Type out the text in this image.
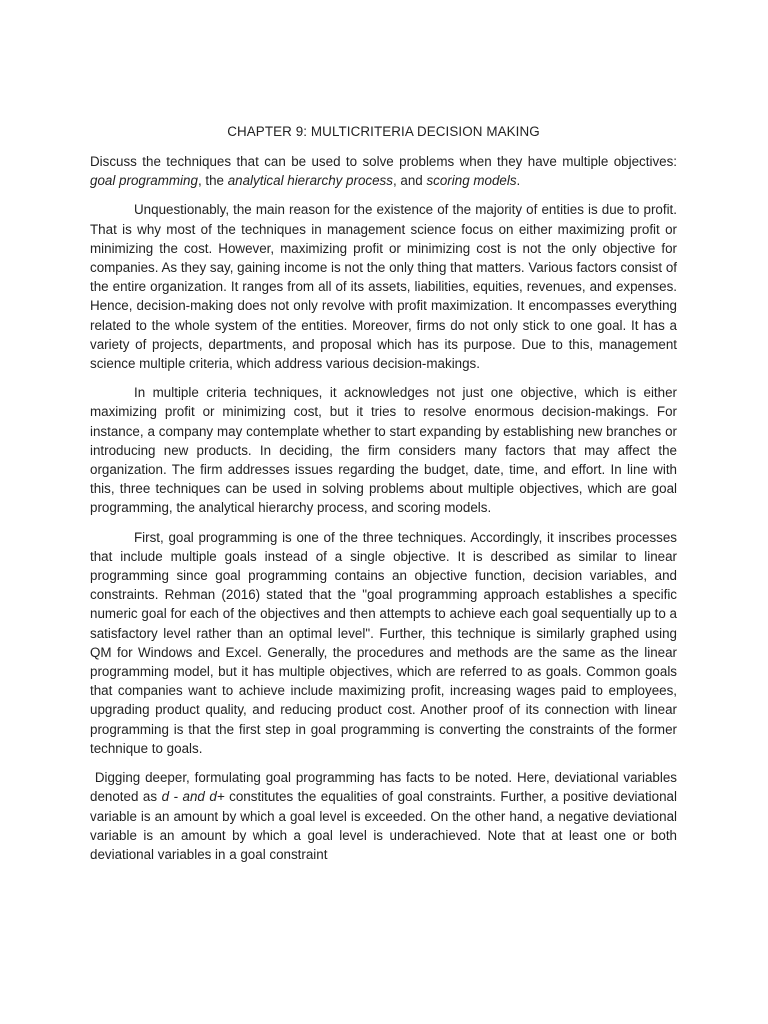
CHAPTER 9: MULTICRITERIA DECISION MAKING

Discuss the techniques that can be used to solve problems when they have multiple objectives: goal programming, the analytical hierarchy process, and scoring models.

Unquestionably, the main reason for the existence of the majority of entities is due to profit. That is why most of the techniques in management science focus on either maximizing profit or minimizing the cost. However, maximizing profit or minimizing cost is not the only objective for companies. As they say, gaining income is not the only thing that matters. Various factors consist of the entire organization. It ranges from all of its assets, liabilities, equities, revenues, and expenses. Hence, decision-making does not only revolve with profit maximization. It encompasses everything related to the whole system of the entities. Moreover, firms do not only stick to one goal. It has a variety of projects, departments, and proposal which has its purpose. Due to this, management science multiple criteria, which address various decision-makings.

In multiple criteria techniques, it acknowledges not just one objective, which is either maximizing profit or minimizing cost, but it tries to resolve enormous decision-makings. For instance, a company may contemplate whether to start expanding by establishing new branches or introducing new products. In deciding, the firm considers many factors that may affect the organization. The firm addresses issues regarding the budget, date, time, and effort. In line with this, three techniques can be used in solving problems about multiple objectives, which are goal programming, the analytical hierarchy process, and scoring models.

First, goal programming is one of the three techniques. Accordingly, it inscribes processes that include multiple goals instead of a single objective. It is described as similar to linear programming since goal programming contains an objective function, decision variables, and constraints. Rehman (2016) stated that the "goal programming approach establishes a specific numeric goal for each of the objectives and then attempts to achieve each goal sequentially up to a satisfactory level rather than an optimal level". Further, this technique is similarly graphed using QM for Windows and Excel. Generally, the procedures and methods are the same as the linear programming model, but it has multiple objectives, which are referred to as goals. Common goals that companies want to achieve include maximizing profit, increasing wages paid to employees, upgrading product quality, and reducing product cost. Another proof of its connection with linear programming is that the first step in goal programming is converting the constraints of the former technique to goals.

Digging deeper, formulating goal programming has facts to be noted. Here, deviational variables denoted as d - and d+ constitutes the equalities of goal constraints. Further, a positive deviational variable is an amount by which a goal level is exceeded. On the other hand, a negative deviational variable is an amount by which a goal level is underachieved. Note that at least one or both deviational variables in a goal constraint
